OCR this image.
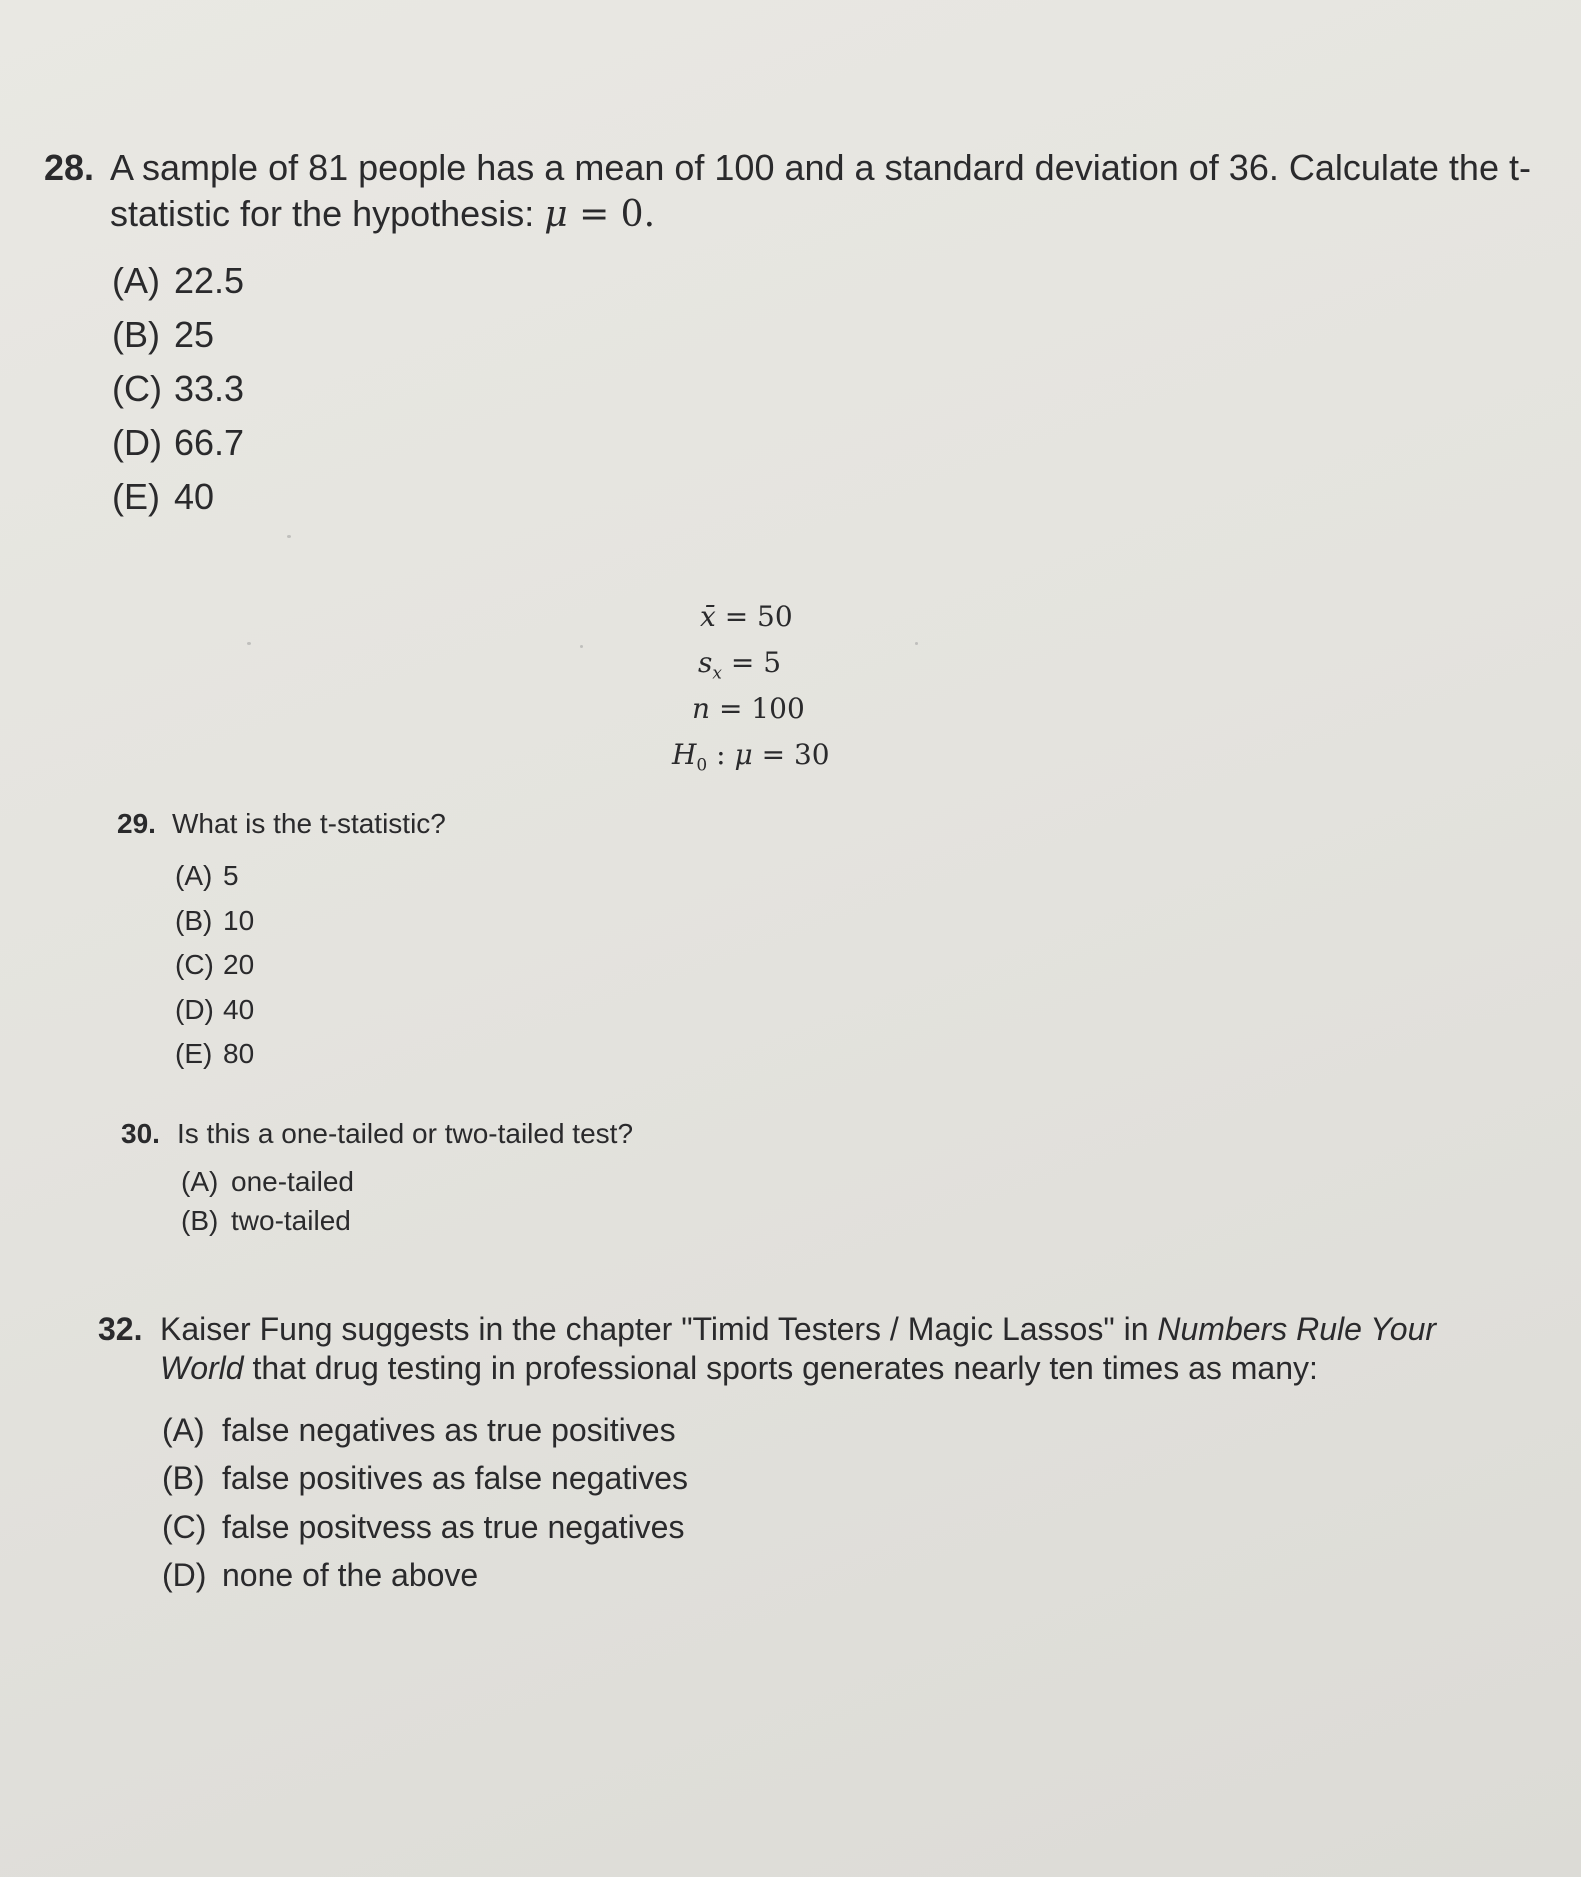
28. A sample of 81 people has a mean of 100 and a standard deviation of 36. Calculate the t-statistic for the hypothesis: μ = 0.
(A) 22.5
(B) 25
(C) 33.3
(D) 66.7
(E) 40
x̄ = 50
$s_x = 5$
n = 100
$H_0$ : μ = 30
29. What is the t-statistic?
(A) 5
(B) 10
(C) 20
(D) 40
(E) 80
30. Is this a one-tailed or two-tailed test?
(A) one-tailed
(B) two-tailed
32. Kaiser Fung suggests in the chapter "Timid Testers / Magic Lassos" in Numbers Rule Your World that drug testing in professional sports generates nearly ten times as many:
(A) false negatives as true positives
(B) false positives as false negatives
(C) false positvess as true negatives
(D) none of the above
